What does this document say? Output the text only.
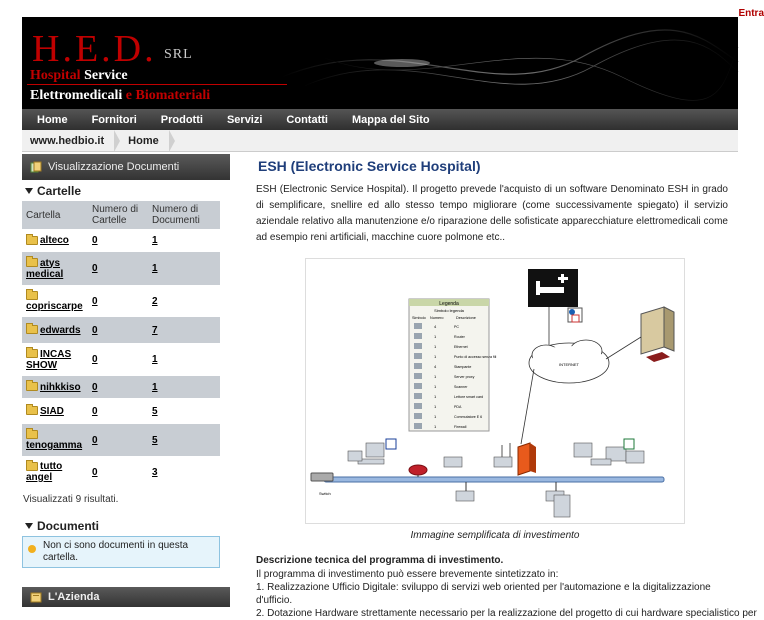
Entra
H.E.D. SRL
Hospital Service
Elettromedicali e Biomateriali
Home	Fornitori	Prodotti	Servizi	Contatti	Mappa del Sito
www.hedbio.it	Home
Visualizzazione Documenti
Cartelle
Cartella	Numero di Cartelle	Numero di Documenti
alteco	0	1
atys medical	0	1

copriscarpe	0	2
edwards	0	7
INCAS SHOW	0	1
nihkkiso	0	1
SIAD	0	5

tenogamma	0	5
tutto angel	0	3
Visualizzati 9 risultati.
Documenti
Non ci sono documenti in questa cartella.
L'Azienda
ESH (Electronic Service Hospital)

ESH (Electronic Service Hospital). Il progetto prevede l'acquisto di un software Denominato ESH in grado di semplificare, snellire ed allo stesso tempo migliorare (come successivamente spiegato) il servizio aziendale relativo alla manutenzione e/o riparazione delle sofisticate apparecchiature elettromedicali come ad esempio reni artificiali, macchine cuore polmone etc..

Legenda
Simbolo legenda
Simbolo Numero	Descrizione
4	PC
1	Router
1	Ethernet
1	Punto di accesso senza fili
4	Stampante
1	Server proxy
1	Scanner
1	Lettore smart card
1	PDA
1	Commutatore E 6
1	Firewall
INTERNET
Switch
Immagine semplificata di investimento
Descrizione tecnica del programma di investimento.
Il programma di investimento può essere brevemente sintetizzato in:
1. Realizzazione Ufficio Digitale: sviluppo di servizi web oriented per l'automazione e la digitalizzazione d'ufficio.
2. Dotazione Hardware strettamente necessario per la realizzazione del progetto di cui hardware specialistico per
